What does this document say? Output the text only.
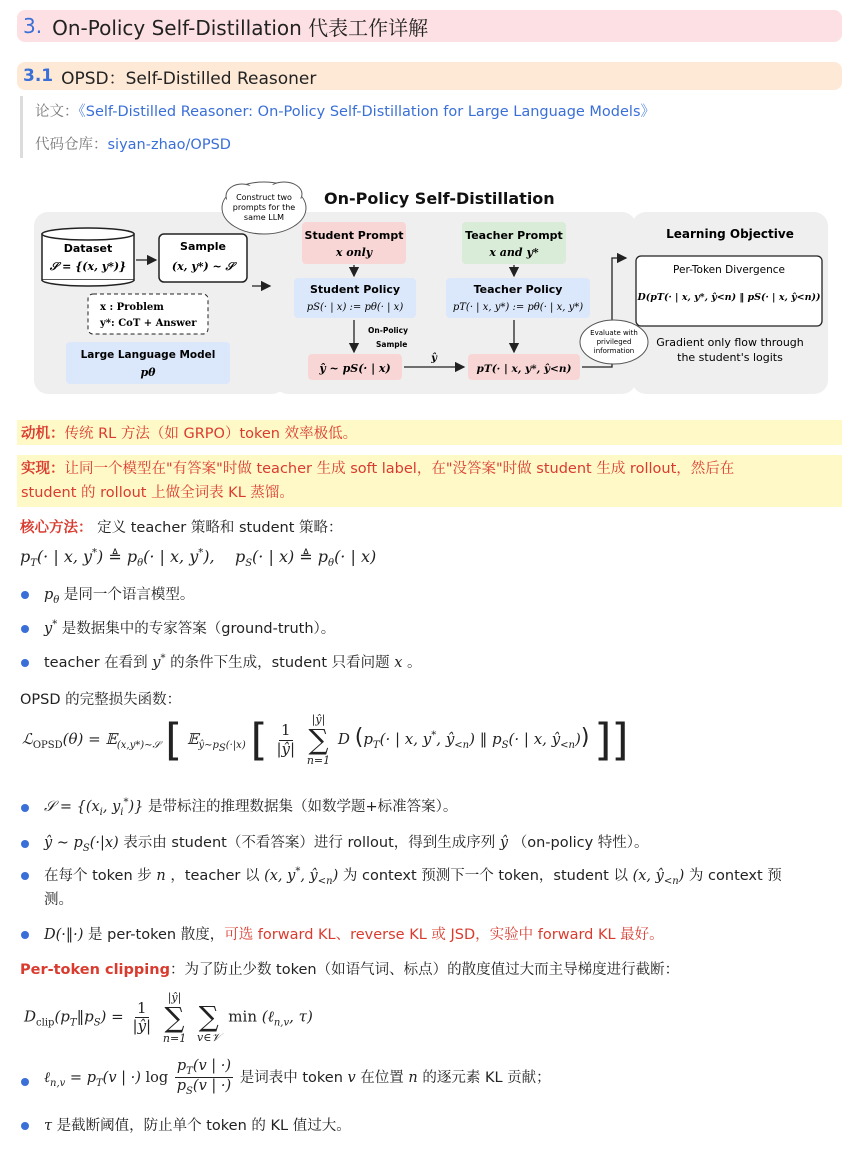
3. On-Policy Self-Distillation 代表工作详解
3.1 OPSD：Self-Distilled Reasoner
论文：《Self-Distilled Reasoner: On-Policy Self-Distillation for Large Language Models》
代码仓库：siyan-zhao/OPSD
On-Policy Self-Distillation
Construct two
prompts for the
same LLM
Dataset
𝒮 = {(x, y*)}
Sample
(x, y*) ~ 𝒮
x : Problem
y*: CoT + Answer
Large Language Model
pθ
Student Prompt
x only
Teacher Prompt
x and y*
Student Policy
pS(· | x) := pθ(· | x)
Teacher Policy
pT(· | x, y*) := pθ(· | x, y*)
On-Policy
Sample
ŷ ~ pS(· | x)
ŷ
pT(· | x, y*, ŷ<n)
Evaluate with
privileged
information
Learning Objective
Per-Token Divergence
D(pT(· | x, y*, ŷ<n) ‖ pS(· | x, ŷ<n))
Gradient only flow through
the student's logits
动机：传统 RL 方法（如 GRPO）token 效率极低。
实现：让同一个模型在"有答案"时做 teacher 生成 soft label，在"没答案"时做 student 生成 rollout，然后在
student 的 rollout 上做全词表 KL 蒸馏。
核心方法： 定义 teacher 策略和 student 策略：
$p_T(\cdot$ | x, y*) ≜ $p_\theta(\cdot$ | x, y*),    $p_S(\cdot$ | x) ≜ $p_\theta(\cdot$ | x)
$p_\theta$ 是同一个语言模型。
y* 是数据集中的专家答案（ground-truth）。
teacher 在看到 y* 的条件下生成，student 只看问题 x 。
OPSD 的完整损失函数：
ℒ$_{OPSD}$(θ) = 𝔼$_{(x,y*)\sim 𝒮}$ [ 𝔼$_{ŷ\sim p_S(\cdot|x)}$ [ $\frac{1}{|ŷ|}$

|ŷ|
∑
n=1
D ($p_T(\cdot$ | x, y*, $ŷ_{<n}$) ‖ $p_S(\cdot$ | x, $ŷ_{<n}$)) ]]
𝒮 = {($x_i$, $y_i^*$)} 是带标注的推理数据集（如数学题+标准答案）。
ŷ ∼ $p_S(\cdot|x)$ 表示由 student（不看答案）进行 rollout，得到生成序列 ŷ （on-policy 特性）。
在每个 token 步 n ，teacher 以 (x, y*, $ŷ_{<n}$) 为 context 预测下一个 token，student 以 (x, $ŷ_{<n}$) 为 context 预
测。
D(·‖·) 是 per-token 散度，可选 forward KL、reverse KL 或 JSD，实验中 forward KL 最好。
Per-token clipping：为了防止少数 token（如语气词、标点）的散度值过大而主导梯度进行截断：
$D_{clip}(p_T‖p_S) = \frac{1}{|ŷ|}$

|ŷ|
∑
n=1

∑
v∈𝒱
min (ℓ$_{n,v}$, τ)
ℓ$_{n,v}$ = $p_T(v$ | ·) $\log \frac{p_T(v | \cdot)}{p_S(v | \cdot)}$ 是词表中 token v 在位置 n 的逐元素 KL 贡献；
τ 是截断阈值，防止单个 token 的 KL 值过大。
